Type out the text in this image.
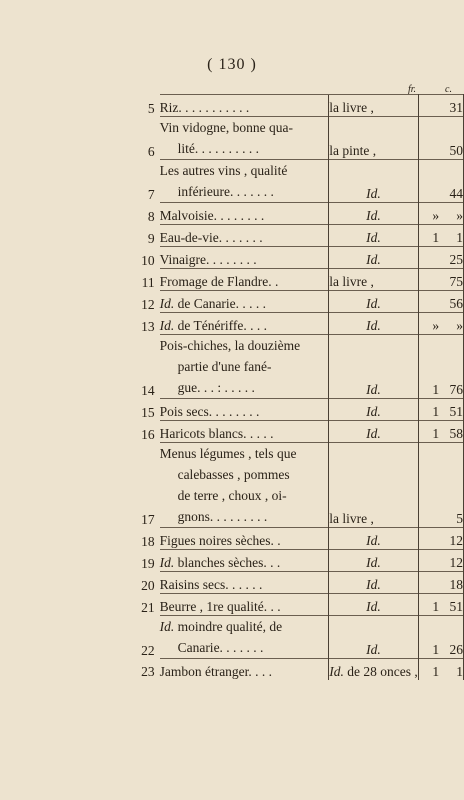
( 130 )
fr.	c.
5	Riz. . . . . . . . . . .	la livre ,		31
6	Vin vidogne, bonne qua-
lité. . . . . . . . . .	la pinte ,		50
7	Les autres vins , qualité
inférieure. . . . . . .	Id.		44
8	Malvoisie. . . . . . . .	Id.	»	»
9	Eau-de-vie. . . . . . .	Id.	1	1
10	Vinaigre. . . . . . . .	Id.		25
11	Fromage de Flandre. .	la livre ,		75
12	Id. de Canarie. . . . .	Id.		56
13	Id. de Ténériffe. . . .	Id.	»	»
14	Pois-chiches, la douzième
partie d'une fané-
gue. . . : . . . . .	Id.	1	76
15	Pois secs. . . . . . . .	Id.	1	51
16	Haricots blancs. . . . .	Id.	1	58
17	Menus légumes , tels que
calebasses , pommes
de terre , choux , oi-
gnons. . . . . . . . .	la livre ,		5
18	Figues noires sèches. .	Id.		12
19	Id. blanches sèches. . .	Id.		12
20	Raisins secs. . . . . .	Id.		18
21	Beurre , 1re qualité. . .	Id.	1	51
22	Id. moindre qualité, de
Canarie. . . . . . .	Id.	1	26
23	Jambon étranger. . . .	Id. de 28 onces ,	1	1
